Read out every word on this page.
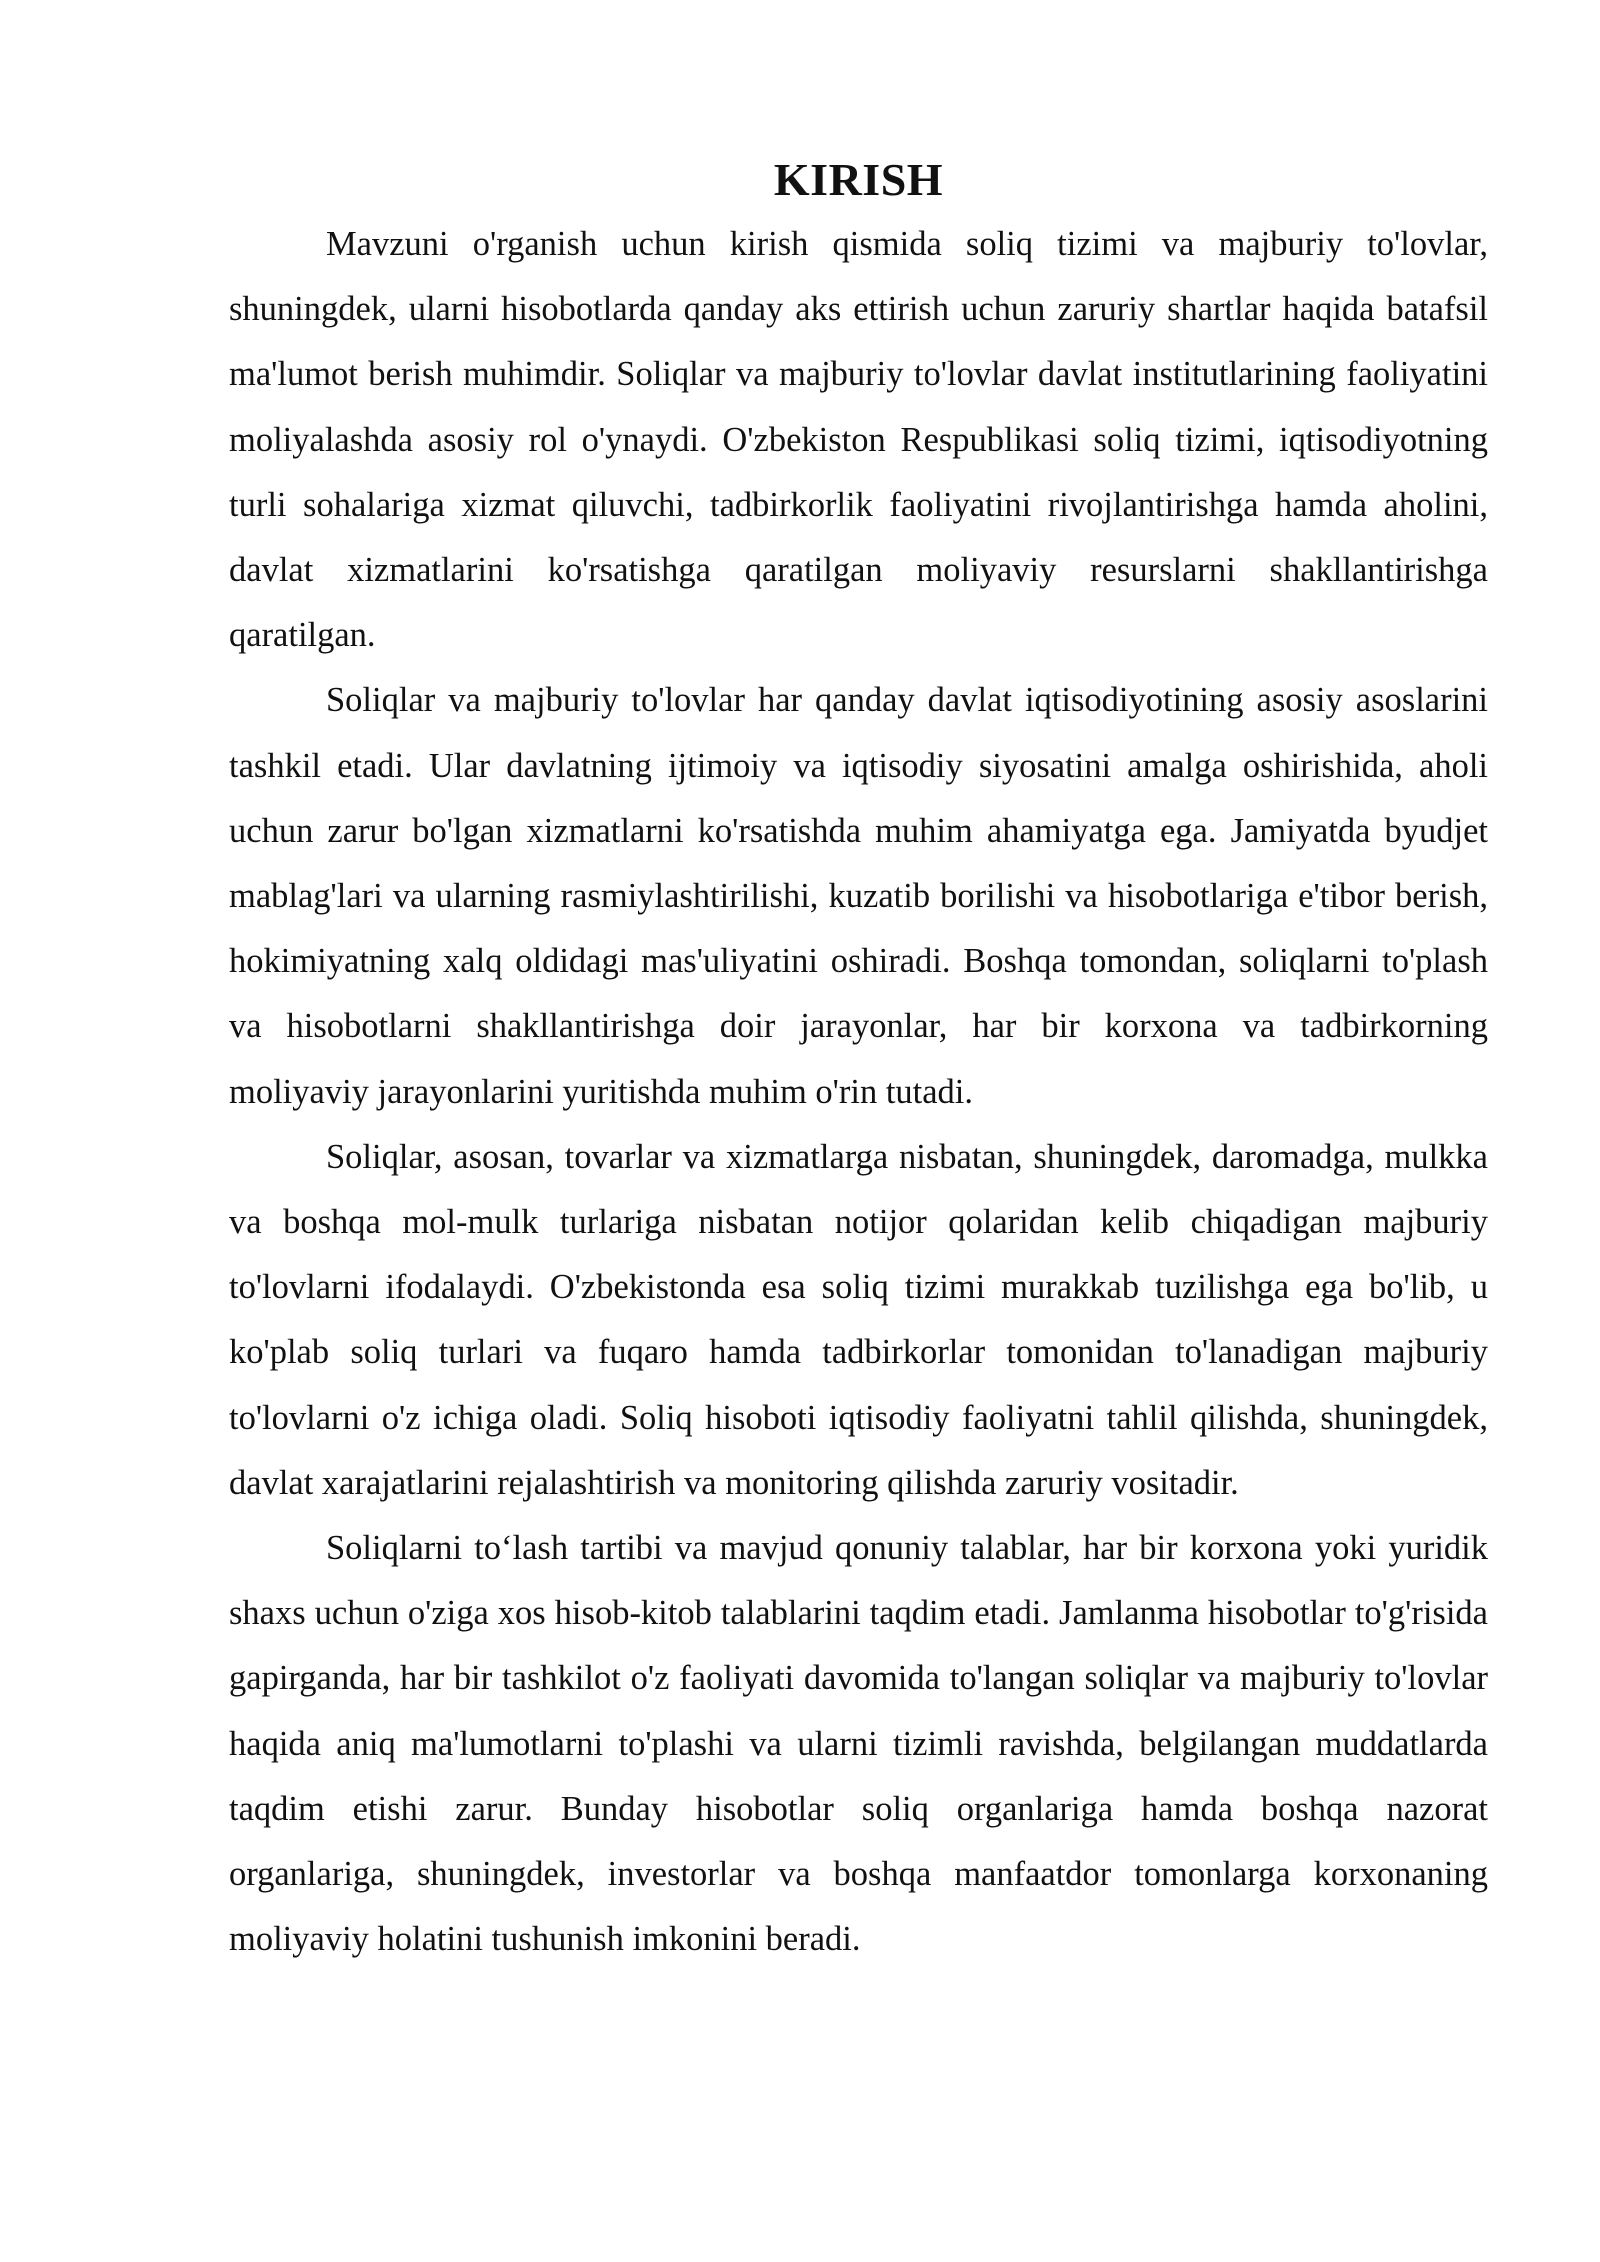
KIRISH

Mavzuni o'rganish uchun kirish qismida soliq tizimi va majburiy to'lovlar, shuningdek, ularni hisobotlarda qanday aks ettirish uchun zaruriy shartlar haqida batafsil ma'lumot berish muhimdir. Soliqlar va majburiy to'lovlar davlat institutlarining faoliyatini moliyalashda asosiy rol o'ynaydi. O'zbekiston Respublikasi soliq tizimi, iqtisodiyotning turli sohalariga xizmat qiluvchi, tadbirkorlik faoliyatini rivojlantirishga hamda aholini, davlat xizmatlarini ko'rsatishga qaratilgan moliyaviy resurslarni shakllantirishga qaratilgan.

Soliqlar va majburiy to'lovlar har qanday davlat iqtisodiyotining asosiy asoslarini tashkil etadi. Ular davlatning ijtimoiy va iqtisodiy siyosatini amalga oshirishida, aholi uchun zarur bo'lgan xizmatlarni ko'rsatishda muhim ahamiyatga ega. Jamiyatda byudjet mablag'lari va ularning rasmiylashtirilishi, kuzatib borilishi va hisobotlariga e'tibor berish, hokimiyatning xalq oldidagi mas'uliyatini oshiradi. Boshqa tomondan, soliqlarni to'plash va hisobotlarni shakllantirishga doir jarayonlar, har bir korxona va tadbirkorning moliyaviy jarayonlarini yuritishda muhim o'rin tutadi.

Soliqlar, asosan, tovarlar va xizmatlarga nisbatan, shuningdek, daromadga, mulkka va boshqa mol-mulk turlariga nisbatan notijor qolaridan kelib chiqadigan majburiy to'lovlarni ifodalaydi. O'zbekistonda esa soliq tizimi murakkab tuzilishga ega bo'lib, u ko'plab soliq turlari va fuqaro hamda tadbirkorlar tomonidan to'lanadigan majburiy to'lovlarni o'z ichiga oladi. Soliq hisoboti iqtisodiy faoliyatni tahlil qilishda, shuningdek, davlat xarajatlarini rejalashtirish va monitoring qilishda zaruriy vositadir.

Soliqlarni to‘lash tartibi va mavjud qonuniy talablar, har bir korxona yoki yuridik shaxs uchun o'ziga xos hisob-kitob talablarini taqdim etadi. Jamlanma hisobotlar to'g'risida gapirganda, har bir tashkilot o'z faoliyati davomida to'langan soliqlar va majburiy to'lovlar haqida aniq ma'lumotlarni to'plashi va ularni tizimli ravishda, belgilangan muddatlarda taqdim etishi zarur. Bunday hisobotlar soliq organlariga hamda boshqa nazorat organlariga, shuningdek, investorlar va boshqa manfaatdor tomonlarga korxonaning moliyaviy holatini tushunish imkonini beradi.
